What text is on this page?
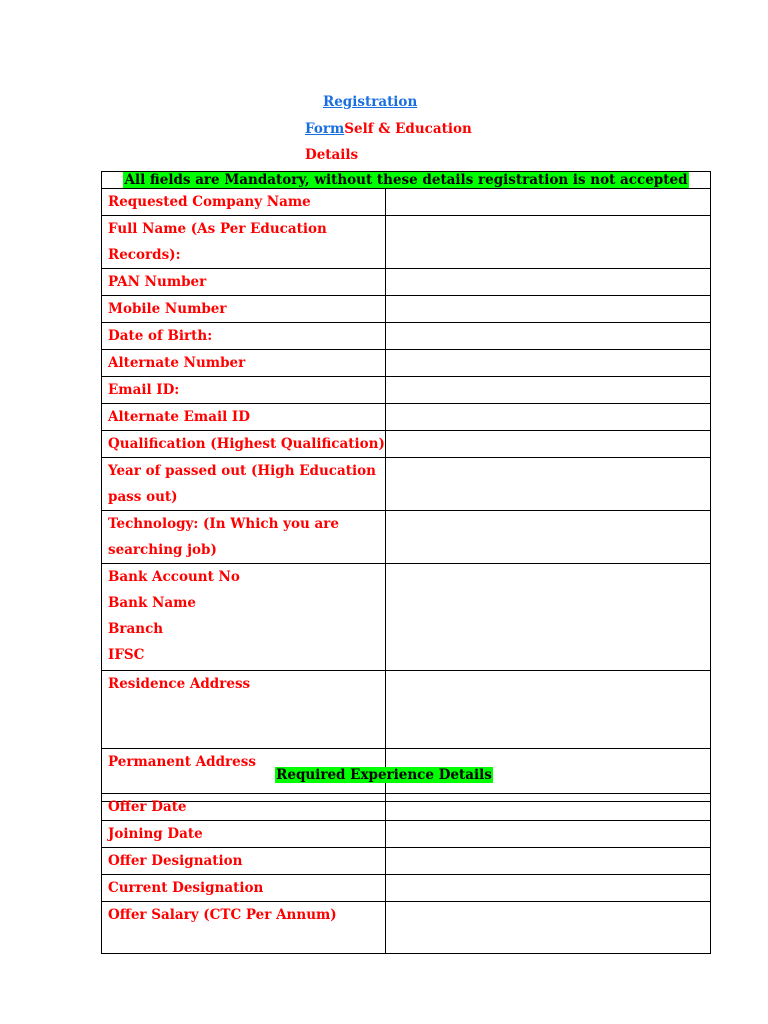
Registration
FormSelf & Education
Details
All fields are Mandatory, without these details registration is not accepted	
Requested Company Name	
Full Name (As Per Education Records):	
PAN Number	
Mobile Number	
Date of Birth:	
Alternate Number	
Email ID:	
Alternate Email ID	
Qualification (Highest Qualification)	
Year of passed out (High Education pass out)	
Technology: (In Which you are searching job)	

Bank Account No
Bank Name
Branch
IFSC	

Residence Address	
Permanent Address	
Required Experience Details
Offer Date	
Joining Date	
Offer Designation	
Current Designation	
Offer Salary (CTC Per Annum)	
